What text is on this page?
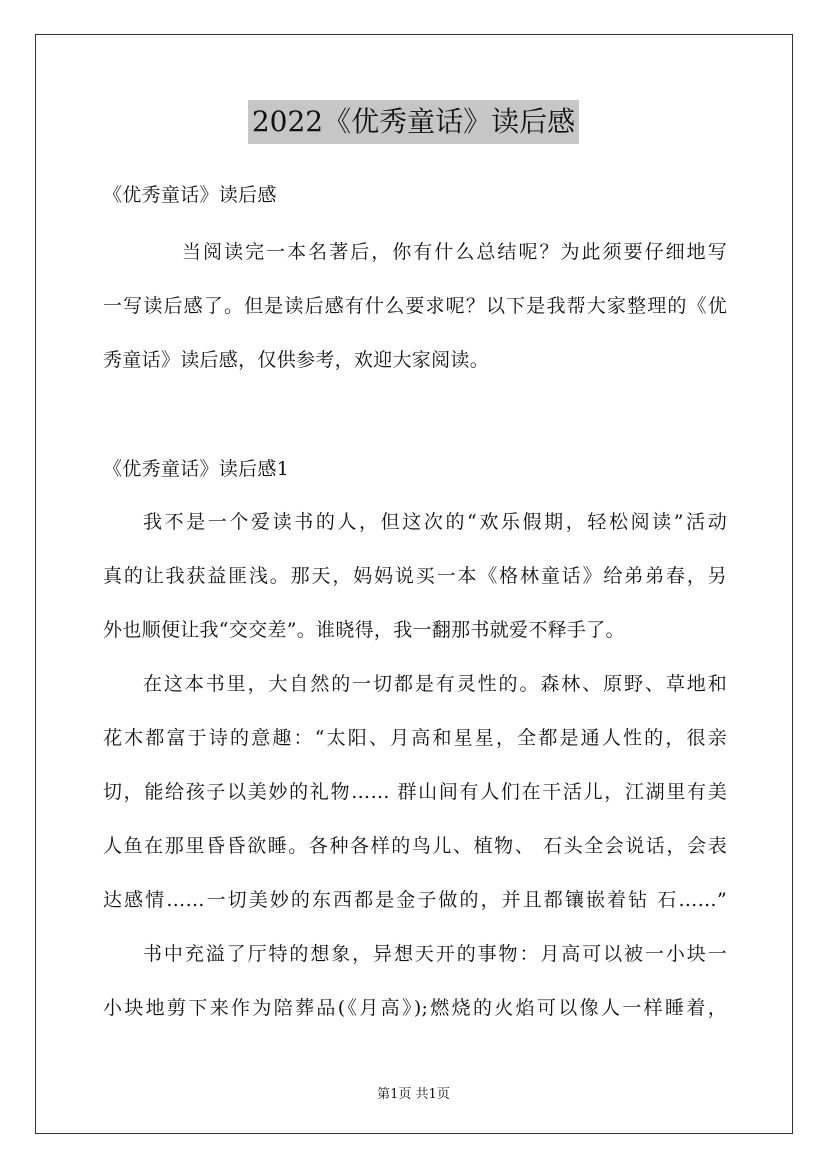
2022《优秀童话》读后感
《优秀童话》读后感
当阅读完一本名著后，你有什么总结呢？为此须要仔细地写
一写读后感了。但是读后感有什么要求呢？以下是我帮大家整理的《优
秀童话》读后感，仅供参考，欢迎大家阅读。
《优秀童话》读后感1
我不是一个爱读书的人，但这次的“欢乐假期，轻松阅读”活动
真的让我获益匪浅。那天，妈妈说买一本《格林童话》给弟弟春，另
外也顺便让我“交交差”。谁晓得，我一翻那书就爱不释手了。
在这本书里，大自然的一切都是有灵性的。森林、原野、草地和
花木都富于诗的意趣：“太阳、月高和星星，全都是通人性的，很亲
切，能给孩子以美妙的礼物…… 群山间有人们在干活儿，江湖里有美
人鱼在那里昏昏欲睡。各种各样的鸟儿、植物、 石头全会说话，会表
达感情……一切美妙的东西都是金子做的，并且都镶嵌着钻 石……”
书中充溢了厅特的想象，异想天开的事物：月高可以被一小块一
小块地剪下来作为陪葬品(《月高》);燃烧的火焰可以像人一样睡着，
第1页 共1页
